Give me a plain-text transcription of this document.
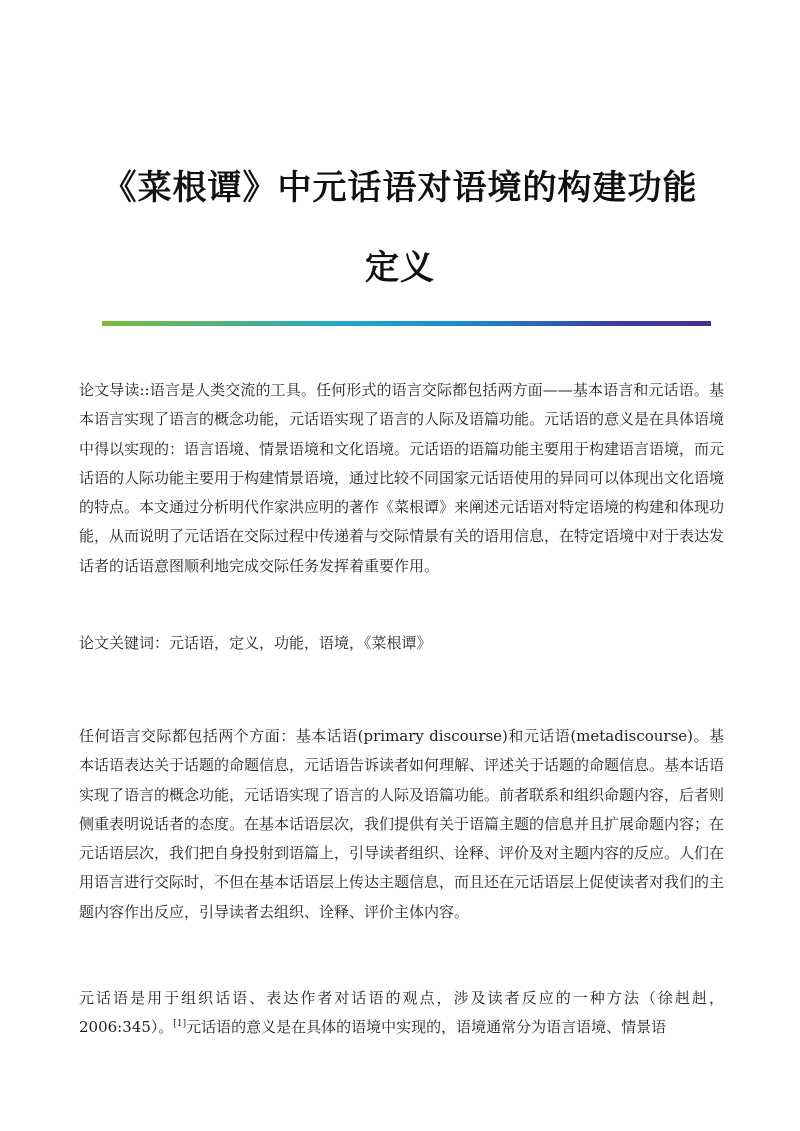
《菜根谭》中元话语对语境的构建功能
定义

论文导读::语言是人类交流的工具。任何形式的语言交际都包括两方面——基本语言和元话语。基本语言实现了语言的概念功能，元话语实现了语言的人际及语篇功能。元话语的意义是在具体语境中得以实现的：语言语境、情景语境和文化语境。元话语的语篇功能主要用于构建语言语境，而元话语的人际功能主要用于构建情景语境，通过比较不同国家元话语使用的异同可以体现出文化语境的特点。本文通过分析明代作家洪应明的著作《菜根谭》来阐述元话语对特定语境的构建和体现功能，从而说明了元话语在交际过程中传递着与交际情景有关的语用信息，在特定语境中对于表达发话者的话语意图顺利地完成交际任务发挥着重要作用。

论文关键词：元话语，定义，功能，语境，《菜根谭》

任何语言交际都包括两个方面：基本话语(primary discourse)和元话语(metadiscourse)。基本话语表达关于话题的命题信息，元话语告诉读者如何理解、评述关于话题的命题信息。基本话语实现了语言的概念功能，元话语实现了语言的人际及语篇功能。前者联系和组织命题内容，后者则侧重表明说话者的态度。在基本话语层次，我们提供有关于语篇主题的信息并且扩展命题内容；在元话语层次，我们把自身投射到语篇上，引导读者组织、诠释、评价及对主题内容的反应。人们在用语言进行交际时，不但在基本话语层上传达主题信息，而且还在元话语层上促使读者对我们的主题内容作出反应，引导读者去组织、诠释、评价主体内容。

元话语是用于组织话语、表达作者对话语的观点，涉及读者反应的一种方法（徐赳赳，2006:345）。[1]元话语的意义是在具体的语境中实现的，语境通常分为语言语境、情景语
